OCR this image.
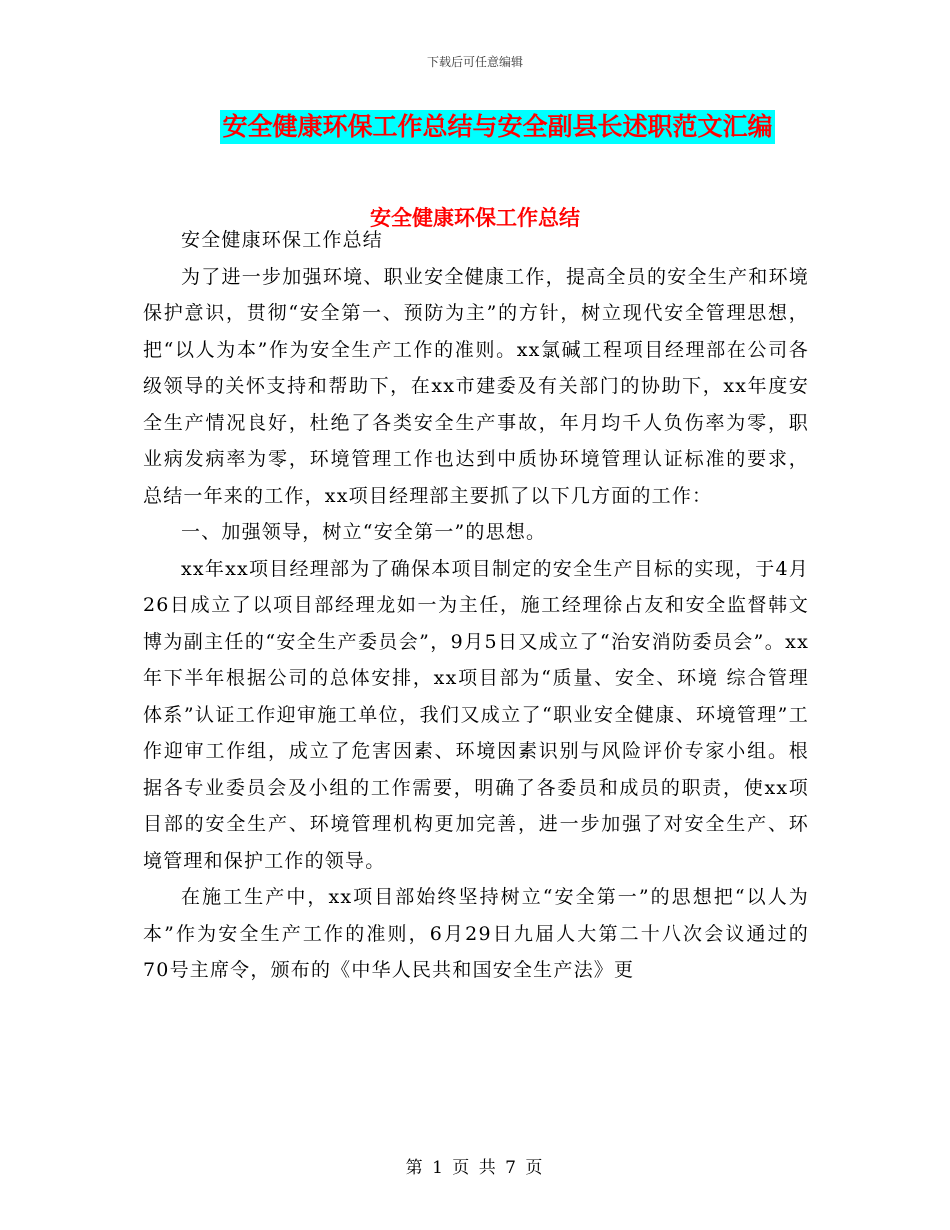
下载后可任意编辑
安全健康环保工作总结与安全副县长述职范文汇编
安全健康环保工作总结

安全健康环保工作总结

为了进一步加强环境、职业安全健康工作，提高全员的安全生产和环境保护意识，贯彻“安全第一、预防为主”的方针，树立现代安全管理思想，把“以人为本”作为安全生产工作的准则。xx氯碱工程项目经理部在公司各级领导的关怀支持和帮助下，在xx市建委及有关部门的协助下，xx年度安全生产情况良好，杜绝了各类安全生产事故，年月均千人负伤率为零，职业病发病率为零，环境管理工作也达到中质协环境管理认证标准的要求，总结一年来的工作，xx项目经理部主要抓了以下几方面的工作：

一、加强领导，树立“安全第一”的思想。

xx年xx项目经理部为了确保本项目制定的安全生产目标的实现，于4月26日成立了以项目部经理龙如一为主任，施工经理徐占友和安全监督韩文博为副主任的“安全生产委员会”，9月5日又成立了“治安消防委员会”。xx年下半年根据公司的总体安排，xx项目部为“质量、安全、环境 综合管理体系”认证工作迎审施工单位，我们又成立了“职业安全健康、环境管理”工作迎审工作组，成立了危害因素、环境因素识别与风险评价专家小组。根据各专业委员会及小组的工作需要，明确了各委员和成员的职责，使xx项目部的安全生产、环境管理机构更加完善，进一步加强了对安全生产、环境管理和保护工作的领导。

在施工生产中，xx项目部始终坚持树立“安全第一”的思想把“以人为本”作为安全生产工作的准则，6月29日九届人大第二十八次会议通过的 70号主席令，颁布的《中华人民共和国安全生产法》更

第 1 页 共 7 页
